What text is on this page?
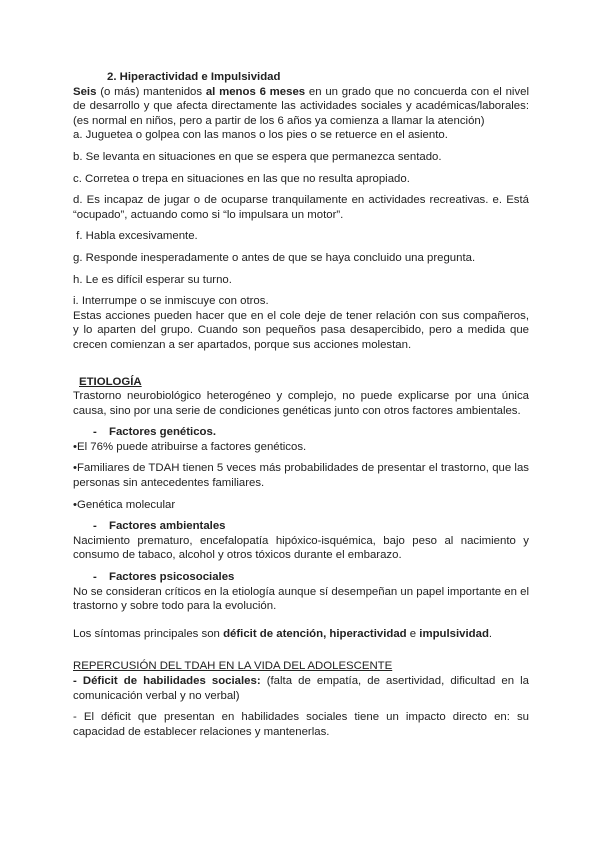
2. Hiperactividad e Impulsividad

Seis (o más) mantenidos al menos 6 meses en un grado que no concuerda con el nivel de desarrollo y que afecta directamente las actividades sociales y académicas/laborales: (es normal en niños, pero a partir de los 6 años ya comienza a llamar la atención)

a. Juguetea o golpea con las manos o los pies o se retuerce en el asiento.

b. Se levanta en situaciones en que se espera que permanezca sentado.

c. Corretea o trepa en situaciones en las que no resulta apropiado.

d. Es incapaz de jugar o de ocuparse tranquilamente en actividades recreativas. e. Está “ocupado”, actuando como si “lo impulsara un motor”.

f. Habla excesivamente.

g. Responde inesperadamente o antes de que se haya concluido una pregunta.

h. Le es difícil esperar su turno.

i. Interrumpe o se inmiscuye con otros.

Estas acciones pueden hacer que en el cole deje de tener relación con sus compañeros, y lo aparten del grupo. Cuando son pequeños pasa desapercibido, pero a medida que crecen comienzan a ser apartados, porque sus acciones molestan.

ETIOLOGÍA

Trastorno neurobiológico heterogéneo y complejo, no puede explicarse por una única causa, sino por una serie de condiciones genéticas junto con otros factores ambientales.

- Factores genéticos.

•El 76% puede atribuirse a factores genéticos.

•Familiares de TDAH tienen 5 veces más probabilidades de presentar el trastorno, que las personas sin antecedentes familiares.

•Genética molecular

- Factores ambientales

Nacimiento prematuro, encefalopatía hipóxico-isquémica, bajo peso al nacimiento y consumo de tabaco, alcohol y otros tóxicos durante el embarazo.

- Factores psicosociales

No se consideran críticos en la etiología aunque sí desempeñan un papel importante en el trastorno y sobre todo para la evolución.

Los síntomas principales son déficit de atención, hiperactividad e impulsividad.

REPERCUSIÓN DEL TDAH EN LA VIDA DEL ADOLESCENTE

- Déficit de habilidades sociales: (falta de empatía, de asertividad, dificultad en la comunicación verbal y no verbal)

- El déficit que presentan en habilidades sociales tiene un impacto directo en: su capacidad de establecer relaciones y mantenerlas.
